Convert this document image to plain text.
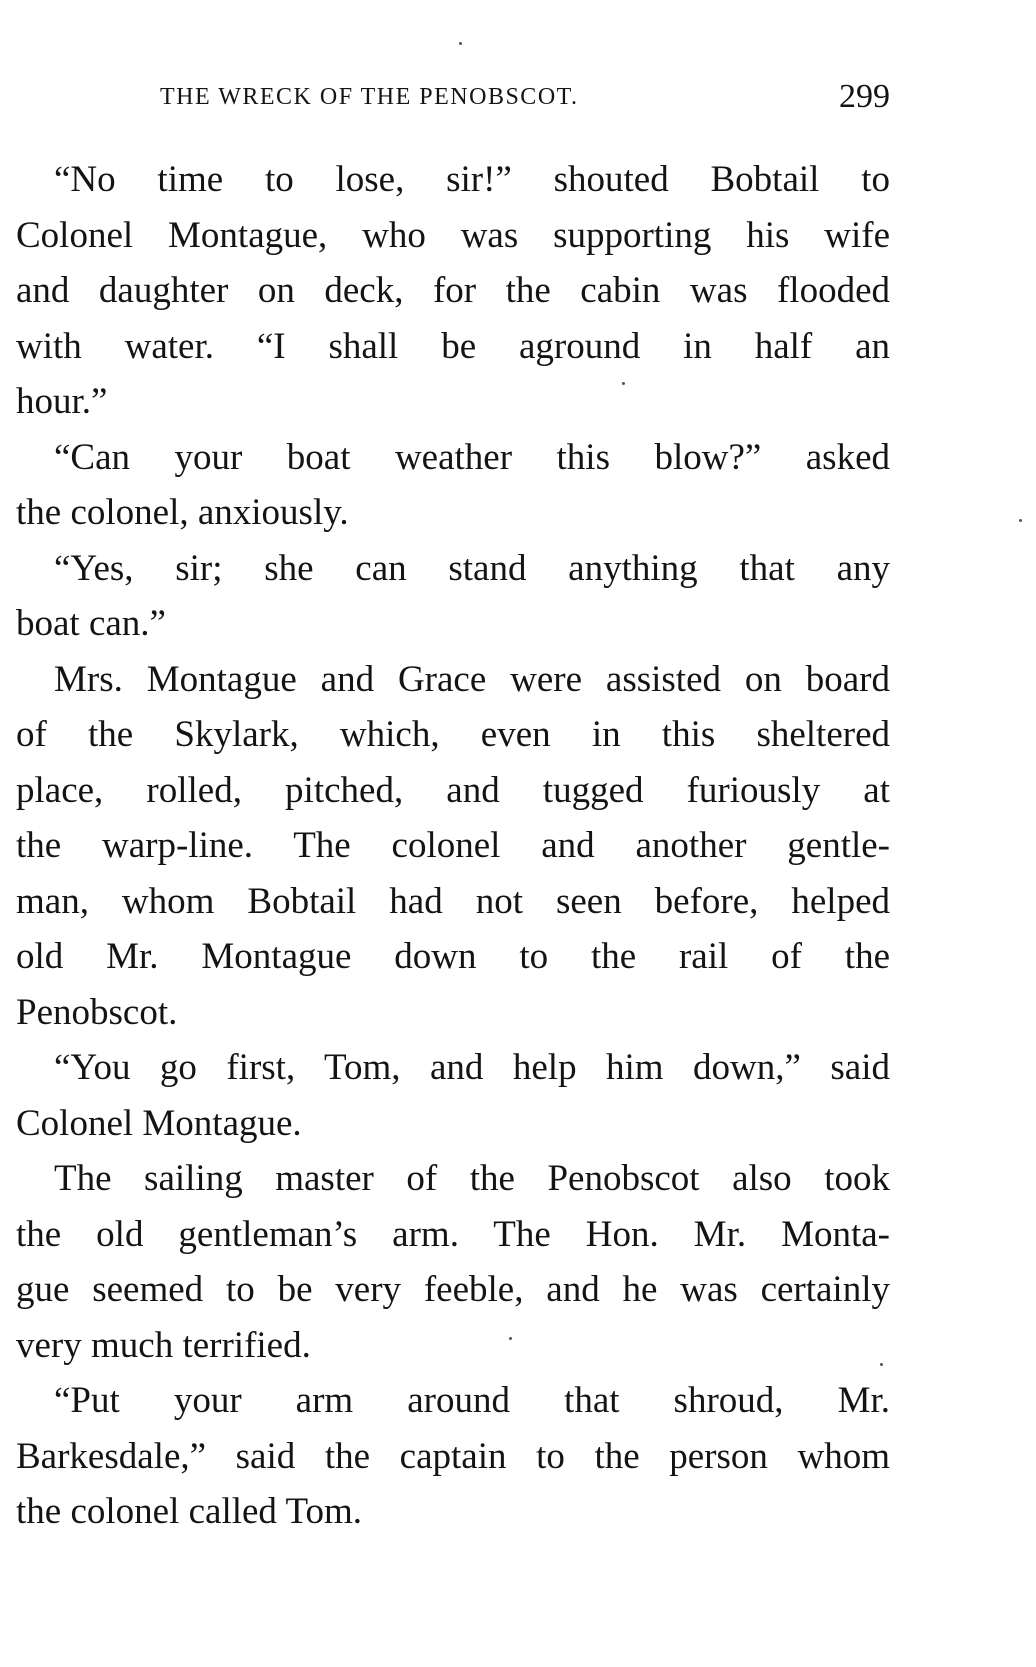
THE WRECK OF THE PENOBSCOT.	299
“No time to lose, sir!” shouted Bobtail to
Colonel Montague, who was supporting his wife
and daughter on deck, for the cabin was flooded
with water. “I shall be aground in half an
hour.”
“Can your boat weather this blow?” asked
the colonel, anxiously.
“Yes, sir; she can stand anything that any
boat can.”
Mrs. Montague and Grace were assisted on board
of the Skylark, which, even in this sheltered
place, rolled, pitched, and tugged furiously at
the warp-line. The colonel and another gentle-
man, whom Bobtail had not seen before, helped
old Mr. Montague down to the rail of the
Penobscot.
“You go first, Tom, and help him down,” said
Colonel Montague.
The sailing master of the Penobscot also took
the old gentleman’s arm. The Hon. Mr. Monta-
gue seemed to be very feeble, and he was certainly
very much terrified.
“Put your arm around that shroud, Mr.
Barkesdale,” said the captain to the person whom
the colonel called Tom.
